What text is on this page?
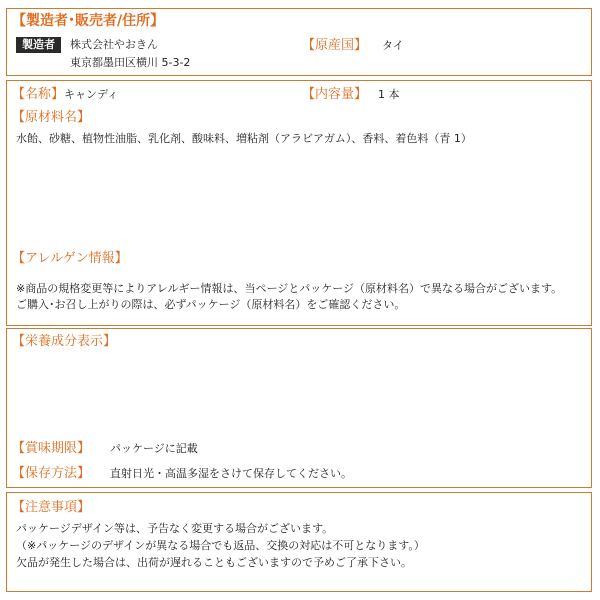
【製造者･販売者/住所】
製造者	株式会社やおきん
東京都墨田区横川 5-3-2
【原産国】 タイ
【名称】 キャンディ	【内容量】 1 本
【原材料名】
水飴、砂糖、植物性油脂、乳化剤、酸味料、増粘剤（アラビアガム）、香料、着色料（青 1）
【アレルゲン情報】
※商品の規格変更等によりアレルギー情報は、当ページとパッケージ（原材料名）で異なる場合がございます。
ご購入･お召し上がりの際は、必ずパッケージ（原材料名）をご確認ください。
【栄養成分表示】
【賞味期限】 パッケージに記載
【保存方法】 直射日光・高温多湿をさけて保存してください。
【注意事項】
パッケージデザイン等は、予告なく変更する場合がございます。
（※パッケージのデザインが異なる場合でも返品、交換の対応は不可となります。）
欠品が発生した場合は、出荷が遅れることもございますので予めご了承下さい。
